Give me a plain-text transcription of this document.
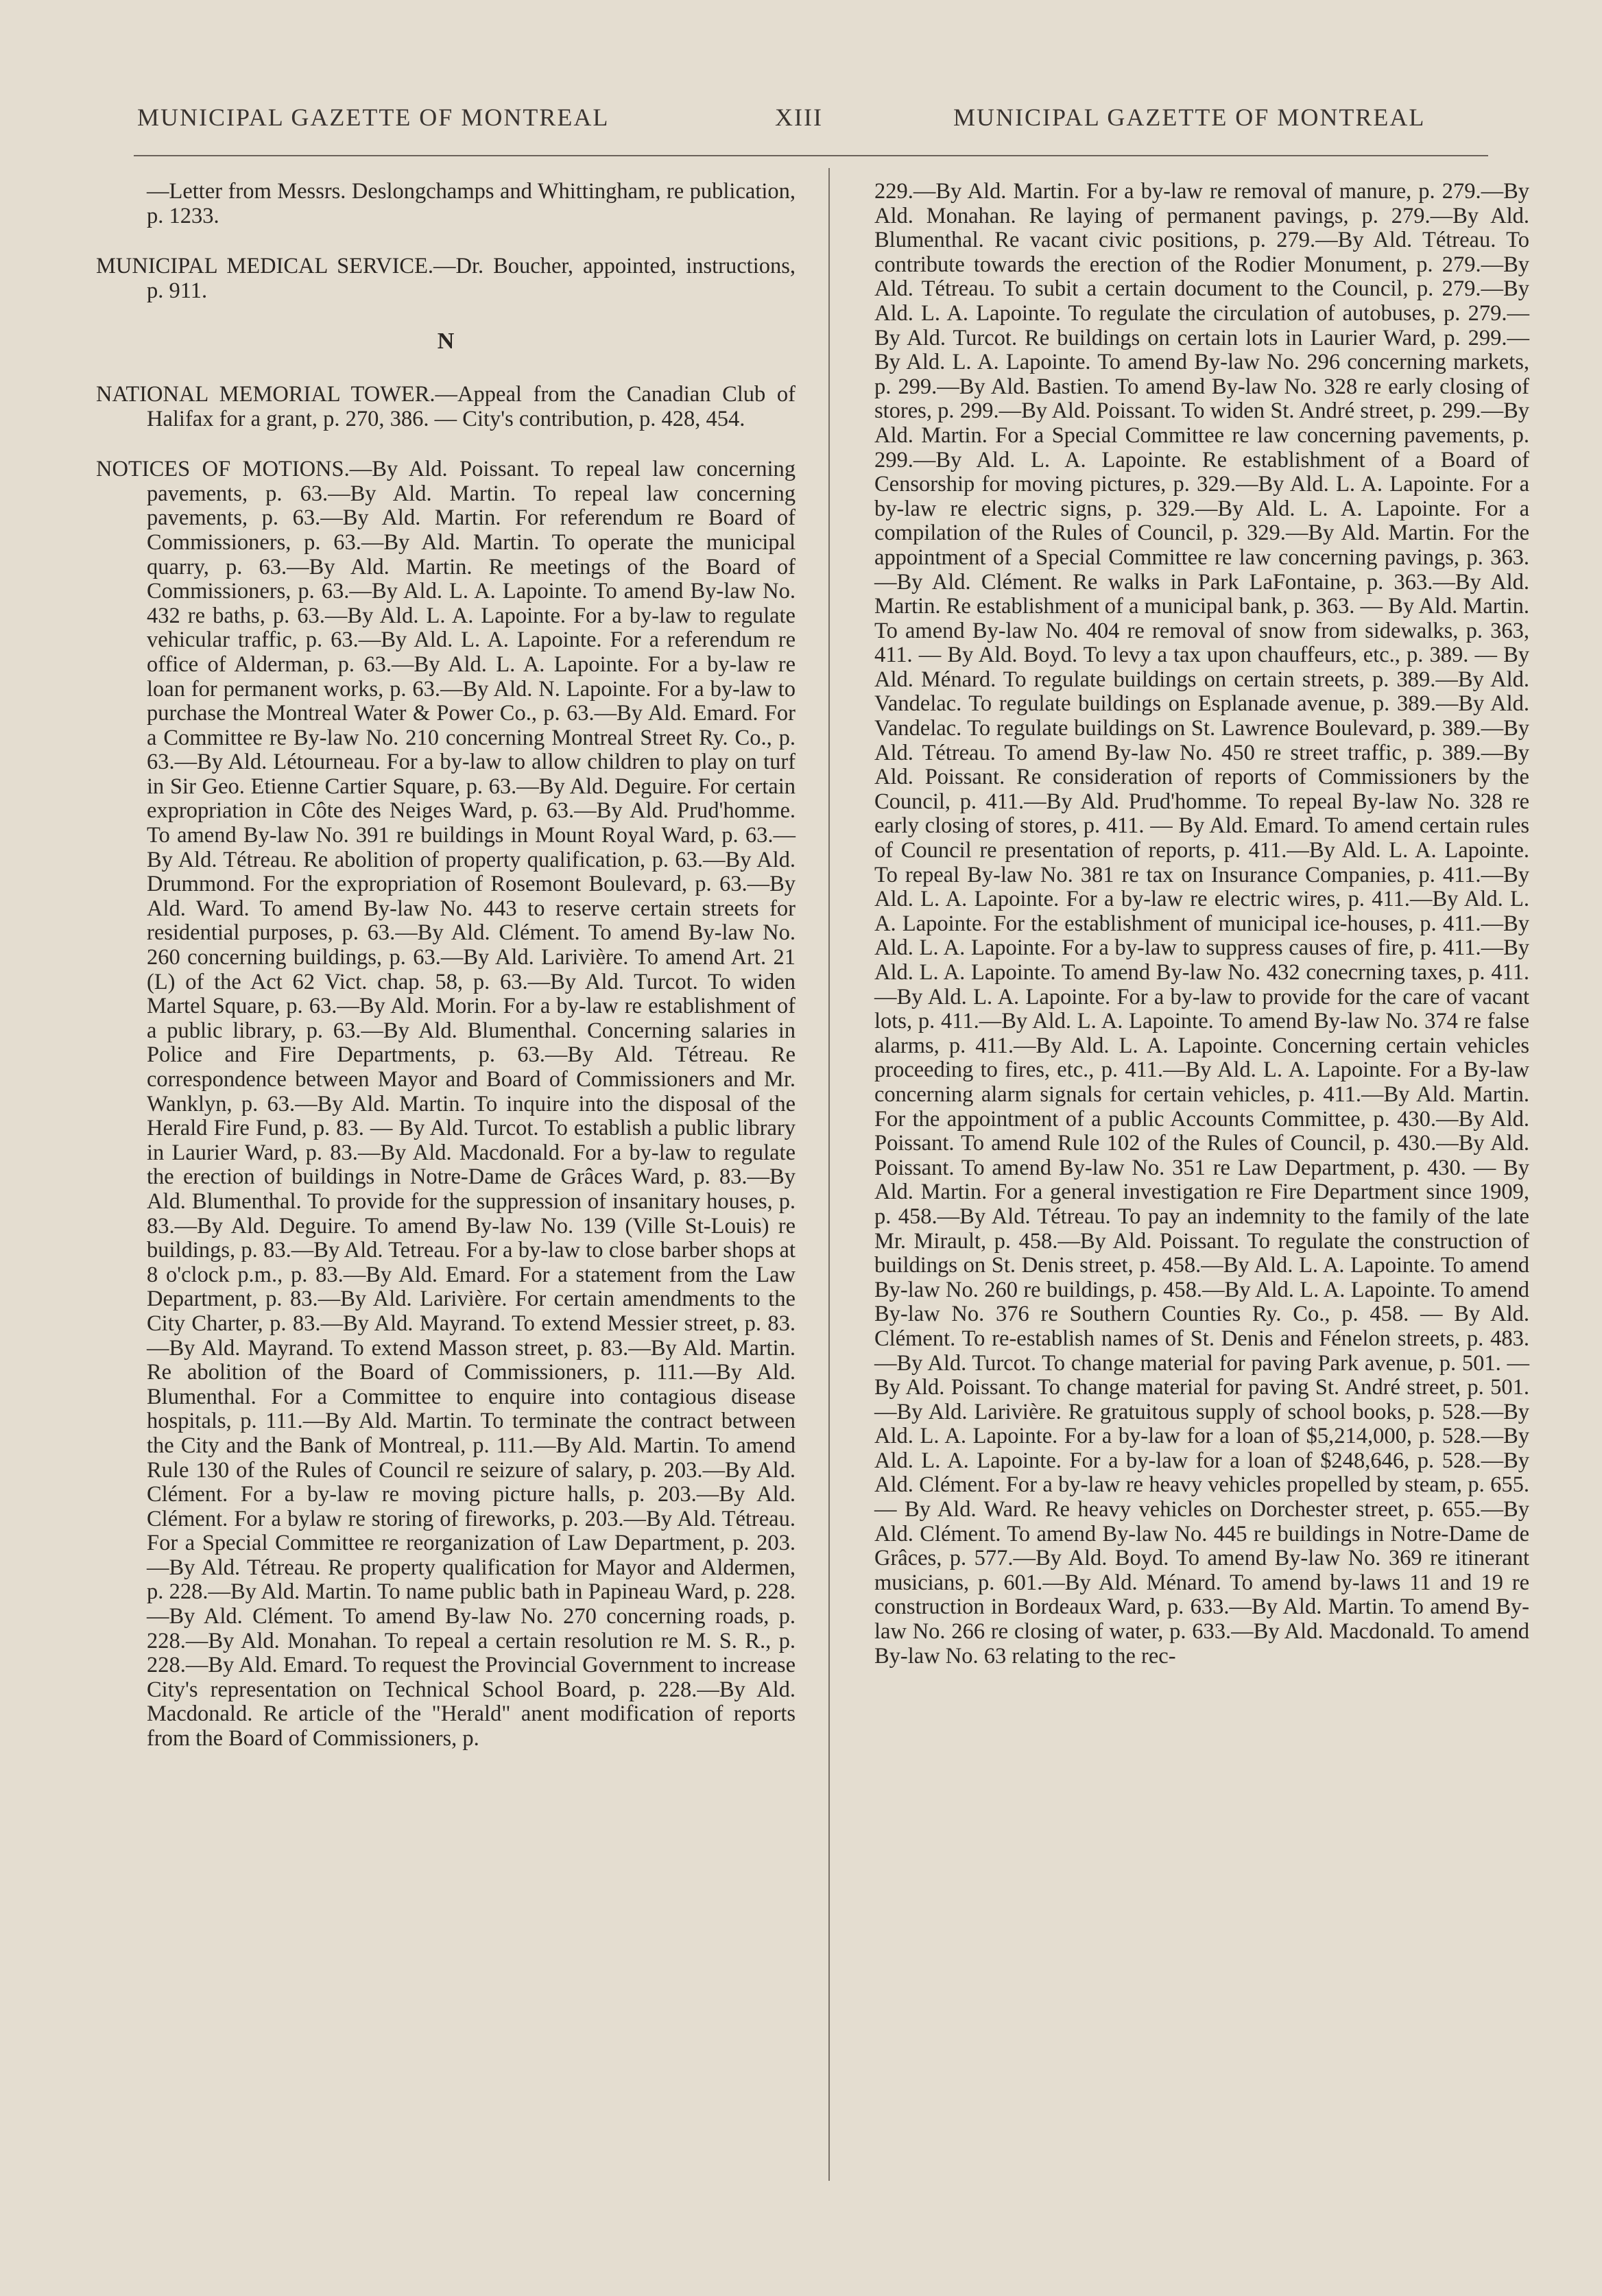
MUNICIPAL GAZETTE OF MONTREAL	XIII	MUNICIPAL GAZETTE OF MONTREAL

—Letter from Messrs. Deslongchamps and Whittingham, re publication, p. 1233.

MUNICIPAL MEDICAL SERVICE.—Dr. Boucher, appointed, instructions, p. 911.

N

NATIONAL MEMORIAL TOWER.—Appeal from the Canadian Club of Halifax for a grant, p. 270, 386. — City's contribution, p. 428, 454.

NOTICES OF MOTIONS.—By Ald. Poissant. To repeal law concerning pavements, p. 63.—By Ald. Martin. To repeal law concerning pavements, p. 63.—By Ald. Martin. For referendum re Board of Commissioners, p. 63.—By Ald. Martin. To operate the municipal quarry, p. 63.—By Ald. Martin. Re meetings of the Board of Commissioners, p. 63.—By Ald. L. A. Lapointe. To amend By-law No. 432 re baths, p. 63.—By Ald. L. A. Lapointe. For a by-law to regulate vehicular traffic, p. 63.—By Ald. L. A. Lapointe. For a referendum re office of Alderman, p. 63.—By Ald. L. A. Lapointe. For a by-law re loan for permanent works, p. 63.—By Ald. N. Lapointe. For a by-law to purchase the Montreal Water & Power Co., p. 63.—By Ald. Emard. For a Committee re By-law No. 210 concerning Montreal Street Ry. Co., p. 63.—By Ald. Létourneau. For a by-law to allow children to play on turf in Sir Geo. Etienne Cartier Square, p. 63.—By Ald. Deguire. For certain expropriation in Côte des Neiges Ward, p. 63.—By Ald. Prud'homme. To amend By-law No. 391 re buildings in Mount Royal Ward, p. 63.—By Ald. Tétreau. Re abolition of property qualification, p. 63.—By Ald. Drummond. For the expropriation of Rosemont Boulevard, p. 63.—By Ald. Ward. To amend By-law No. 443 to reserve certain streets for residential purposes, p. 63.—By Ald. Clément. To amend By-law No. 260 concerning buildings, p. 63.—By Ald. Larivière. To amend Art. 21 (L) of the Act 62 Vict. chap. 58, p. 63.—By Ald. Turcot. To widen Martel Square, p. 63.—By Ald. Morin. For a by-law re establishment of a public library, p. 63.—By Ald. Blumenthal. Concerning salaries in Police and Fire Departments, p. 63.—By Ald. Tétreau. Re correspondence between Mayor and Board of Commissioners and Mr. Wanklyn, p. 63.—By Ald. Martin. To inquire into the disposal of the Herald Fire Fund, p. 83. — By Ald. Turcot. To establish a public library in Laurier Ward, p. 83.—By Ald. Macdonald. For a by-law to regulate the erection of buildings in Notre-Dame de Grâces Ward, p. 83.—By Ald. Blumenthal. To provide for the suppression of insanitary houses, p. 83.—By Ald. Deguire. To amend By-law No. 139 (Ville St-Louis) re buildings, p. 83.—By Ald. Tetreau. For a by-law to close barber shops at 8 o'clock p.m., p. 83.—By Ald. Emard. For a statement from the Law Department, p. 83.—By Ald. Larivière. For certain amendments to the City Charter, p. 83.—By Ald. Mayrand. To extend Messier street, p. 83.—By Ald. Mayrand. To extend Masson street, p. 83.—By Ald. Martin. Re abolition of the Board of Commissioners, p. 111.—By Ald. Blumenthal. For a Committee to enquire into contagious disease hospitals, p. 111.—By Ald. Martin. To terminate the contract between the City and the Bank of Montreal, p. 111.—By Ald. Martin. To amend Rule 130 of the Rules of Council re seizure of salary, p. 203.—By Ald. Clément. For a by-law re moving picture halls, p. 203.—By Ald. Clément. For a bylaw re storing of fireworks, p. 203.—By Ald. Tétreau. For a Special Committee re reorganization of Law Department, p. 203.—By Ald. Tétreau. Re property qualification for Mayor and Aldermen, p. 228.—By Ald. Martin. To name public bath in Papineau Ward, p. 228.—By Ald. Clément. To amend By-law No. 270 concerning roads, p. 228.—By Ald. Monahan. To repeal a certain resolution re M. S. R., p. 228.—By Ald. Emard. To request the Provincial Government to increase City's representation on Technical School Board, p. 228.—By Ald. Macdonald. Re article of the "Herald" anent modification of reports from the Board of Commissioners, p.

229.—By Ald. Martin. For a by-law re removal of manure, p. 279.—By Ald. Monahan. Re laying of permanent pavings, p. 279.—By Ald. Blumenthal. Re vacant civic positions, p. 279.—By Ald. Tétreau. To contribute towards the erection of the Rodier Monument, p. 279.—By Ald. Tétreau. To subit a certain document to the Council, p. 279.—By Ald. L. A. Lapointe. To regulate the circulation of autobuses, p. 279.—By Ald. Turcot. Re buildings on certain lots in Laurier Ward, p. 299.—By Ald. L. A. Lapointe. To amend By-law No. 296 concerning markets, p. 299.—By Ald. Bastien. To amend By-law No. 328 re early closing of stores, p. 299.—By Ald. Poissant. To widen St. André street, p. 299.—By Ald. Martin. For a Special Committee re law concerning pavements, p. 299.—By Ald. L. A. Lapointe. Re establishment of a Board of Censorship for moving pictures, p. 329.—By Ald. L. A. Lapointe. For a by-law re electric signs, p. 329.—By Ald. L. A. Lapointe. For a compilation of the Rules of Council, p. 329.—By Ald. Martin. For the appointment of a Special Committee re law concerning pavings, p. 363.—By Ald. Clément. Re walks in Park LaFontaine, p. 363.—By Ald. Martin. Re establishment of a municipal bank, p. 363. — By Ald. Martin. To amend By-law No. 404 re removal of snow from sidewalks, p. 363, 411. — By Ald. Boyd. To levy a tax upon chauffeurs, etc., p. 389. — By Ald. Ménard. To regulate buildings on certain streets, p. 389.—By Ald. Vandelac. To regulate buildings on Esplanade avenue, p. 389.—By Ald. Vandelac. To regulate buildings on St. Lawrence Boulevard, p. 389.—By Ald. Tétreau. To amend By-law No. 450 re street traffic, p. 389.—By Ald. Poissant. Re consideration of reports of Commissioners by the Council, p. 411.—By Ald. Prud'homme. To repeal By-law No. 328 re early closing of stores, p. 411. — By Ald. Emard. To amend certain rules of Council re presentation of reports, p. 411.—By Ald. L. A. Lapointe. To repeal By-law No. 381 re tax on Insurance Companies, p. 411.—By Ald. L. A. Lapointe. For a by-law re electric wires, p. 411.—By Ald. L. A. Lapointe. For the establishment of municipal ice-houses, p. 411.—By Ald. L. A. Lapointe. For a by-law to suppress causes of fire, p. 411.—By Ald. L. A. Lapointe. To amend By-law No. 432 conecrning taxes, p. 411.—By Ald. L. A. Lapointe. For a by-law to provide for the care of vacant lots, p. 411.—By Ald. L. A. Lapointe. To amend By-law No. 374 re false alarms, p. 411.—By Ald. L. A. Lapointe. Concerning certain vehicles proceeding to fires, etc., p. 411.—By Ald. L. A. Lapointe. For a By-law concerning alarm signals for certain vehicles, p. 411.—By Ald. Martin. For the appointment of a public Accounts Committee, p. 430.—By Ald. Poissant. To amend Rule 102 of the Rules of Council, p. 430.—By Ald. Poissant. To amend By-law No. 351 re Law Department, p. 430. — By Ald. Martin. For a general investigation re Fire Department since 1909, p. 458.—By Ald. Tétreau. To pay an indemnity to the family of the late Mr. Mirault, p. 458.—By Ald. Poissant. To regulate the construction of buildings on St. Denis street, p. 458.—By Ald. L. A. Lapointe. To amend By-law No. 260 re buildings, p. 458.—By Ald. L. A. Lapointe. To amend By-law No. 376 re Southern Counties Ry. Co., p. 458. — By Ald. Clément. To re-establish names of St. Denis and Fénelon streets, p. 483.—By Ald. Turcot. To change material for paving Park avenue, p. 501. — By Ald. Poissant. To change material for paving St. André street, p. 501.—By Ald. Larivière. Re gratuitous supply of school books, p. 528.—By Ald. L. A. Lapointe. For a by-law for a loan of $5,214,000, p. 528.—By Ald. L. A. Lapointe. For a by-law for a loan of $248,646, p. 528.—By Ald. Clément. For a by-law re heavy vehicles propelled by steam, p. 655. — By Ald. Ward. Re heavy vehicles on Dorchester street, p. 655.—By Ald. Clément. To amend By-law No. 445 re buildings in Notre-Dame de Grâces, p. 577.—By Ald. Boyd. To amend By-law No. 369 re itinerant musicians, p. 601.—By Ald. Ménard. To amend by-laws 11 and 19 re construction in Bordeaux Ward, p. 633.—By Ald. Martin. To amend By-law No. 266 re closing of water, p. 633.—By Ald. Macdonald. To amend By-law No. 63 relating to the rec-
